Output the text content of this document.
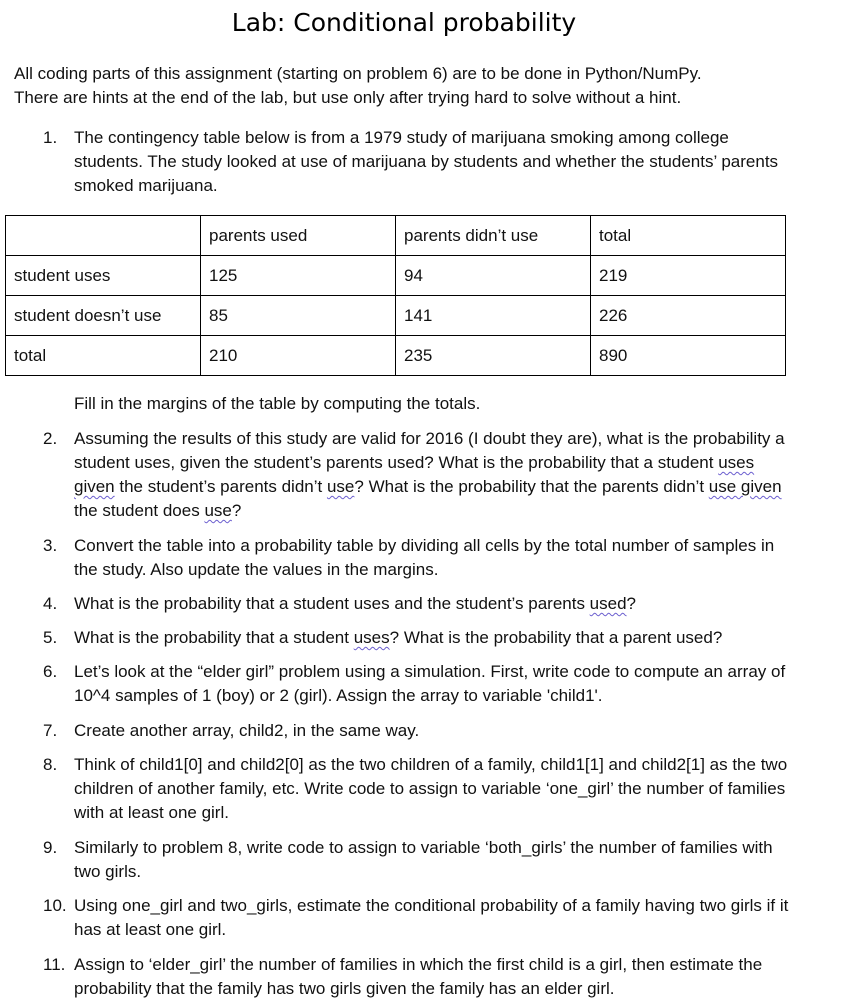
Lab: Conditional probability

All coding parts of this assignment (starting on problem 6) are to be done in Python/NumPy.

There are hints at the end of the lab, but use only after trying hard to solve without a hint.

1. The contingency table below is from a 1979 study of marijuana smoking among college students. The study looked at use of marijuana by students and whether the students’ parents smoked marijuana.
	parents used	parents didn’t use	total
student uses	125	94	219
student doesn’t use	85	141	226
total	210	235	890
Fill in the margins of the table by computing the totals.
2. Assuming the results of this study are valid for 2016 (I doubt they are), what is the probability a student uses, given the student’s parents used? What is the probability that a student uses given the student’s parents didn’t use? What is the probability that the parents didn’t use given the student does use?
3. Convert the table into a probability table by dividing all cells by the total number of samples in the study. Also update the values in the margins.
4. What is the probability that a student uses and the student’s parents used?
5. What is the probability that a student uses? What is the probability that a parent used?
6. Let’s look at the “elder girl” problem using a simulation. First, write code to compute an array of 10^4 samples of 1 (boy) or 2 (girl). Assign the array to variable 'child1'.
7. Create another array, child2, in the same way.
8. Think of child1[0] and child2[0] as the two children of a family, child1[1] and child2[1] as the two children of another family, etc. Write code to assign to variable ‘one_girl’ the number of families with at least one girl.
9. Similarly to problem 8, write code to assign to variable ‘both_girls’ the number of families with two girls.
10. Using one_girl and two_girls, estimate the conditional probability of a family having two girls if it has at least one girl.
11. Assign to ‘elder_girl’ the number of families in which the first child is a girl, then estimate the probability that the family has two girls given the family has an elder girl.
